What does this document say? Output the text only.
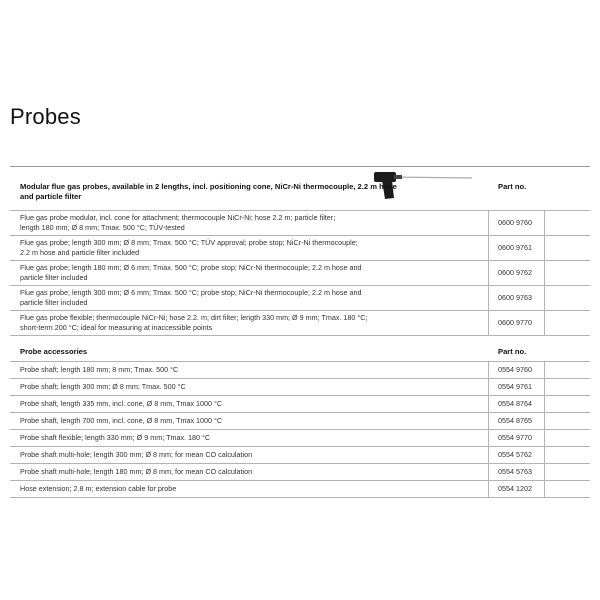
Probes
Modular flue gas probes, available in 2 lengths, incl. positioning cone, NiCr-Ni thermocouple, 2.2 m hose and particle filter
Part no.
Flue gas probe modular, incl. cone for attachment; thermocouple NiCr-Ni; hose 2.2 m; particle filter;
length 180 mm; Ø 8 mm; Tmax. 500 °C; TÜV-tested
0600 9760
Flue gas probe; length 300 mm; Ø 8 mm; Tmax. 500 °C; TÜV approval; probe stop; NiCr-Ni thermocouple;
2.2 m hose and particle filter included
0600 9761
Flue gas probe; length 180 mm; Ø 6 mm; Tmax. 500 °C; probe stop; NiCr-Ni thermocouple; 2.2 m hose and
particle filter included
0600 9762
Flue gas probe; length 300 mm; Ø 6 mm; Tmax. 500 °C; probe stop; NiCr-Ni thermocouple; 2.2 m hose and
particle filter included
0600 9763
Flue gas probe flexible; thermocouple NiCr-Ni; hose 2.2. m; dirt filter; length 330 mm; Ø 9 mm; Tmax. 180 °C;
short-term 200 °C; ideal for measuring at inaccessible points
0600 9770
Probe accessories	Part no.
Probe shaft; length 180 mm; 8 mm; Tmax. 500 °C	0554 9760
Probe shaft; length 300 mm; Ø 8 mm; Tmax. 500 °C	0554 9761
Probe shaft, length 335 mm, incl. cone, Ø 8 mm, Tmax 1000 °C	0554 8764
Probe shaft, length 700 mm, incl. cone, Ø 8 mm, Tmax 1000 °C	0554 8765
Probe shaft flexible; length 330 mm; Ø 9 mm; Tmax. 180 °C	0554 9770
Probe shaft multi-hole; length 300 mm; Ø 8 mm; for mean CO calculation	0554 5762
Probe shaft multi-hole; length 180 mm; Ø 8 mm; for mean CO calculation	0554 5763
Hose extension; 2.8 m; extension cable for probe	0554 1202
